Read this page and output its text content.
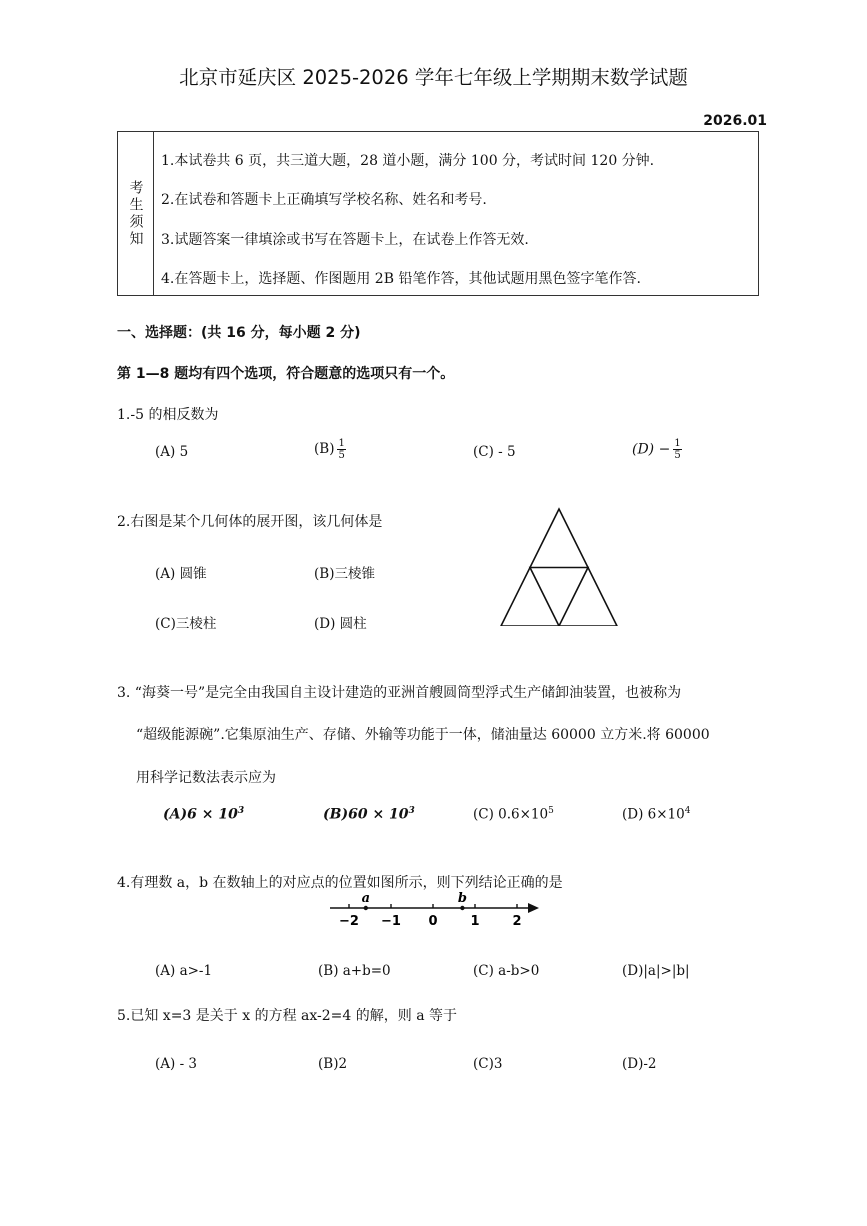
北京市延庆区 2025-2026 学年七年级上学期期末数学试题
2026.01
考生须知
1.本试卷共 6 页，共三道大题，28 道小题，满分 100 分，考试时间 120 分钟.
2.在试卷和答题卡上正确填写学校名称、姓名和考号.
3.试题答案一律填涂或书写在答题卡上，在试卷上作答无效.
4.在答题卡上，选择题、作图题用 2B 铅笔作答，其他试题用黑色签字笔作答.
一、选择题：(共 16 分，每小题 2 分)
第 1—8 题均有四个选项，符合题意的选项只有一个。
1.-5 的相反数为
(A) 5	$(B) \frac{1}{5}$	(C) - 5	$(D) - \frac{1}{5}$
2.右图是某个几何体的展开图，该几何体是
(A) 圆锥	(B)三棱锥
(C)三棱柱	(D) 圆柱
3. “海葵一号”是完全由我国自主设计建造的亚洲首艘圆筒型浮式生产储卸油装置，也被称为
“超级能源碗”.它集原油生产、存储、外输等功能于一体，储油量达 60000 立方米.将 60000
用科学记数法表示应为
$(A)6 \times 10^3$	$(B)60 \times 10^3$	(C) $0.6\times 10^5$	(D) $6\times 10^4$
4.有理数 a，b 在数轴上的对应点的位置如图所示，则下列结论正确的是
−2 −1 0	1	2
a	b
(A) a>-1	(B) a+b=0	(C) a-b>0	(D)|a|>|b|
5.已知 x=3 是关于 x 的方程 ax-2=4 的解，则 a 等于
(A) - 3	(B)2	(C)3	(D)-2
